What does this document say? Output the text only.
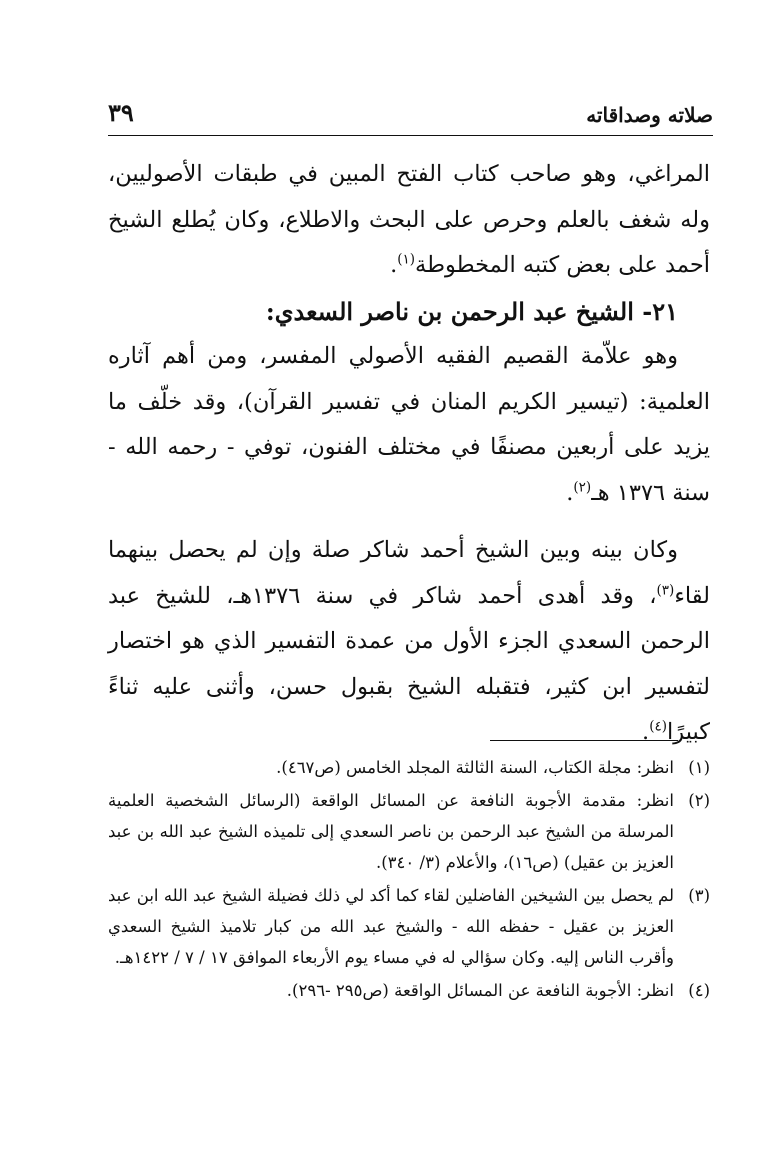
صلاته وصداقاته
٣٩

المراغي، وهو صاحب كتاب الفتح المبين في طبقات الأصوليين، وله شغف بالعلم وحرص على البحث والاطلاع، وكان يُطلع الشيخ أحمد على بعض كتبه المخطوطة$^{(١)}$.

٢١- الشيخ عبد الرحمن بن ناصر السعدي:

وهو علاّمة القصيم الفقيه الأصولي المفسر، ومن أهم آثاره العلمية: (تيسير الكريم المنان في تفسير القرآن)، وقد خلّف ما يزيد على أربعين مصنفًا في مختلف الفنون، توفي - رحمه الله - سنة ١٣٧٦ هـ$^{(٢)}$.

وكان بينه وبين الشيخ أحمد شاكر صلة وإن لم يحصل بينهما لقاء$^{(٣)}$، وقد أهدى أحمد شاكر في سنة ١٣٧٦هـ، للشيخ عبد الرحمن السعدي الجزء الأول من عمدة التفسير الذي هو اختصار لتفسير ابن كثير، فتقبله الشيخ بقبول حسن، وأثنى عليه ثناءً كبيرًا$^{(٤)}$.

(١)
انظر: مجلة الكتاب، السنة الثالثة المجلد الخامس (ص٤٦٧).
(٢)
انظر: مقدمة الأجوبة النافعة عن المسائل الواقعة (الرسائل الشخصية العلمية المرسلة من الشيخ عبد الرحمن بن ناصر السعدي إلى تلميذه الشيخ عبد الله بن عبد العزيز بن عقيل) (ص١٦)، والأعلام (٣/ ٣٤٠).
(٣)
لم يحصل بين الشيخين الفاضلين لقاء كما أكد لي ذلك فضيلة الشيخ عبد الله ابن عبد العزيز بن عقيل - حفظه الله - والشيخ عبد الله من كبار تلاميذ الشيخ السعدي وأقرب الناس إليه. وكان سؤالي له في مساء يوم الأربعاء الموافق ١٧ / ٧ / ١٤٢٢هـ.
(٤)
انظر: الأجوبة النافعة عن المسائل الواقعة (ص٢٩٥ -٢٩٦).
